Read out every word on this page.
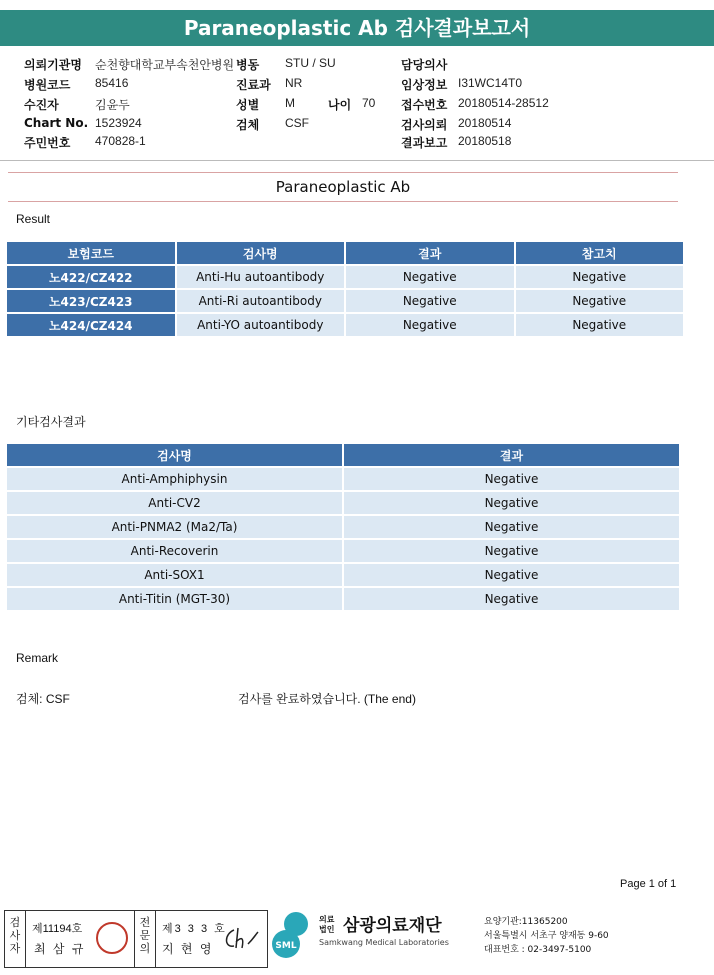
Paraneoplastic Ab 검사결과보고서
의뢰기관명 순천향대학교부속천안병원 병동 STU / SU	담당의사
병원코드 85416	진료과 NR	임상정보 I31WC14T0
수진자	김윤두	성별 M	나이 70 접수번호 20180514-28512
Chart No. 1523924	검체 CSF	검사의뢰 20180514
주민번호 470828-1	결과보고 20180518
Paraneoplastic Ab
Result
보험코드	검사명	결과	참고치
노422/CZ422	Anti-Hu autoantibody	Negative	Negative
노423/CZ423	Anti-Ri autoantibody	Negative	Negative
노424/CZ424	Anti-YO autoantibody	Negative	Negative
기타검사결과
검사명	결과
Anti-Amphiphysin	Negative
Anti-CV2	Negative
Anti-PNMA2 (Ma2/Ta)	Negative
Anti-Recoverin	Negative
Anti-SOX1	Negative
Anti-Titin (MGT-30)	Negative
Remark
검체: CSF	검사를 완료하였습니다. (The end)
Page 1 of 1
검사자
제11194호
최 삼 규
전문의
제3 3 3 호
지 현 영	SML
의료
법인 삼광의료재단
Samkwang Medical Laboratories
요양기관:11365200
서울특별시 서초구 양재동 9-60
대표번호 : 02-3497-5100
